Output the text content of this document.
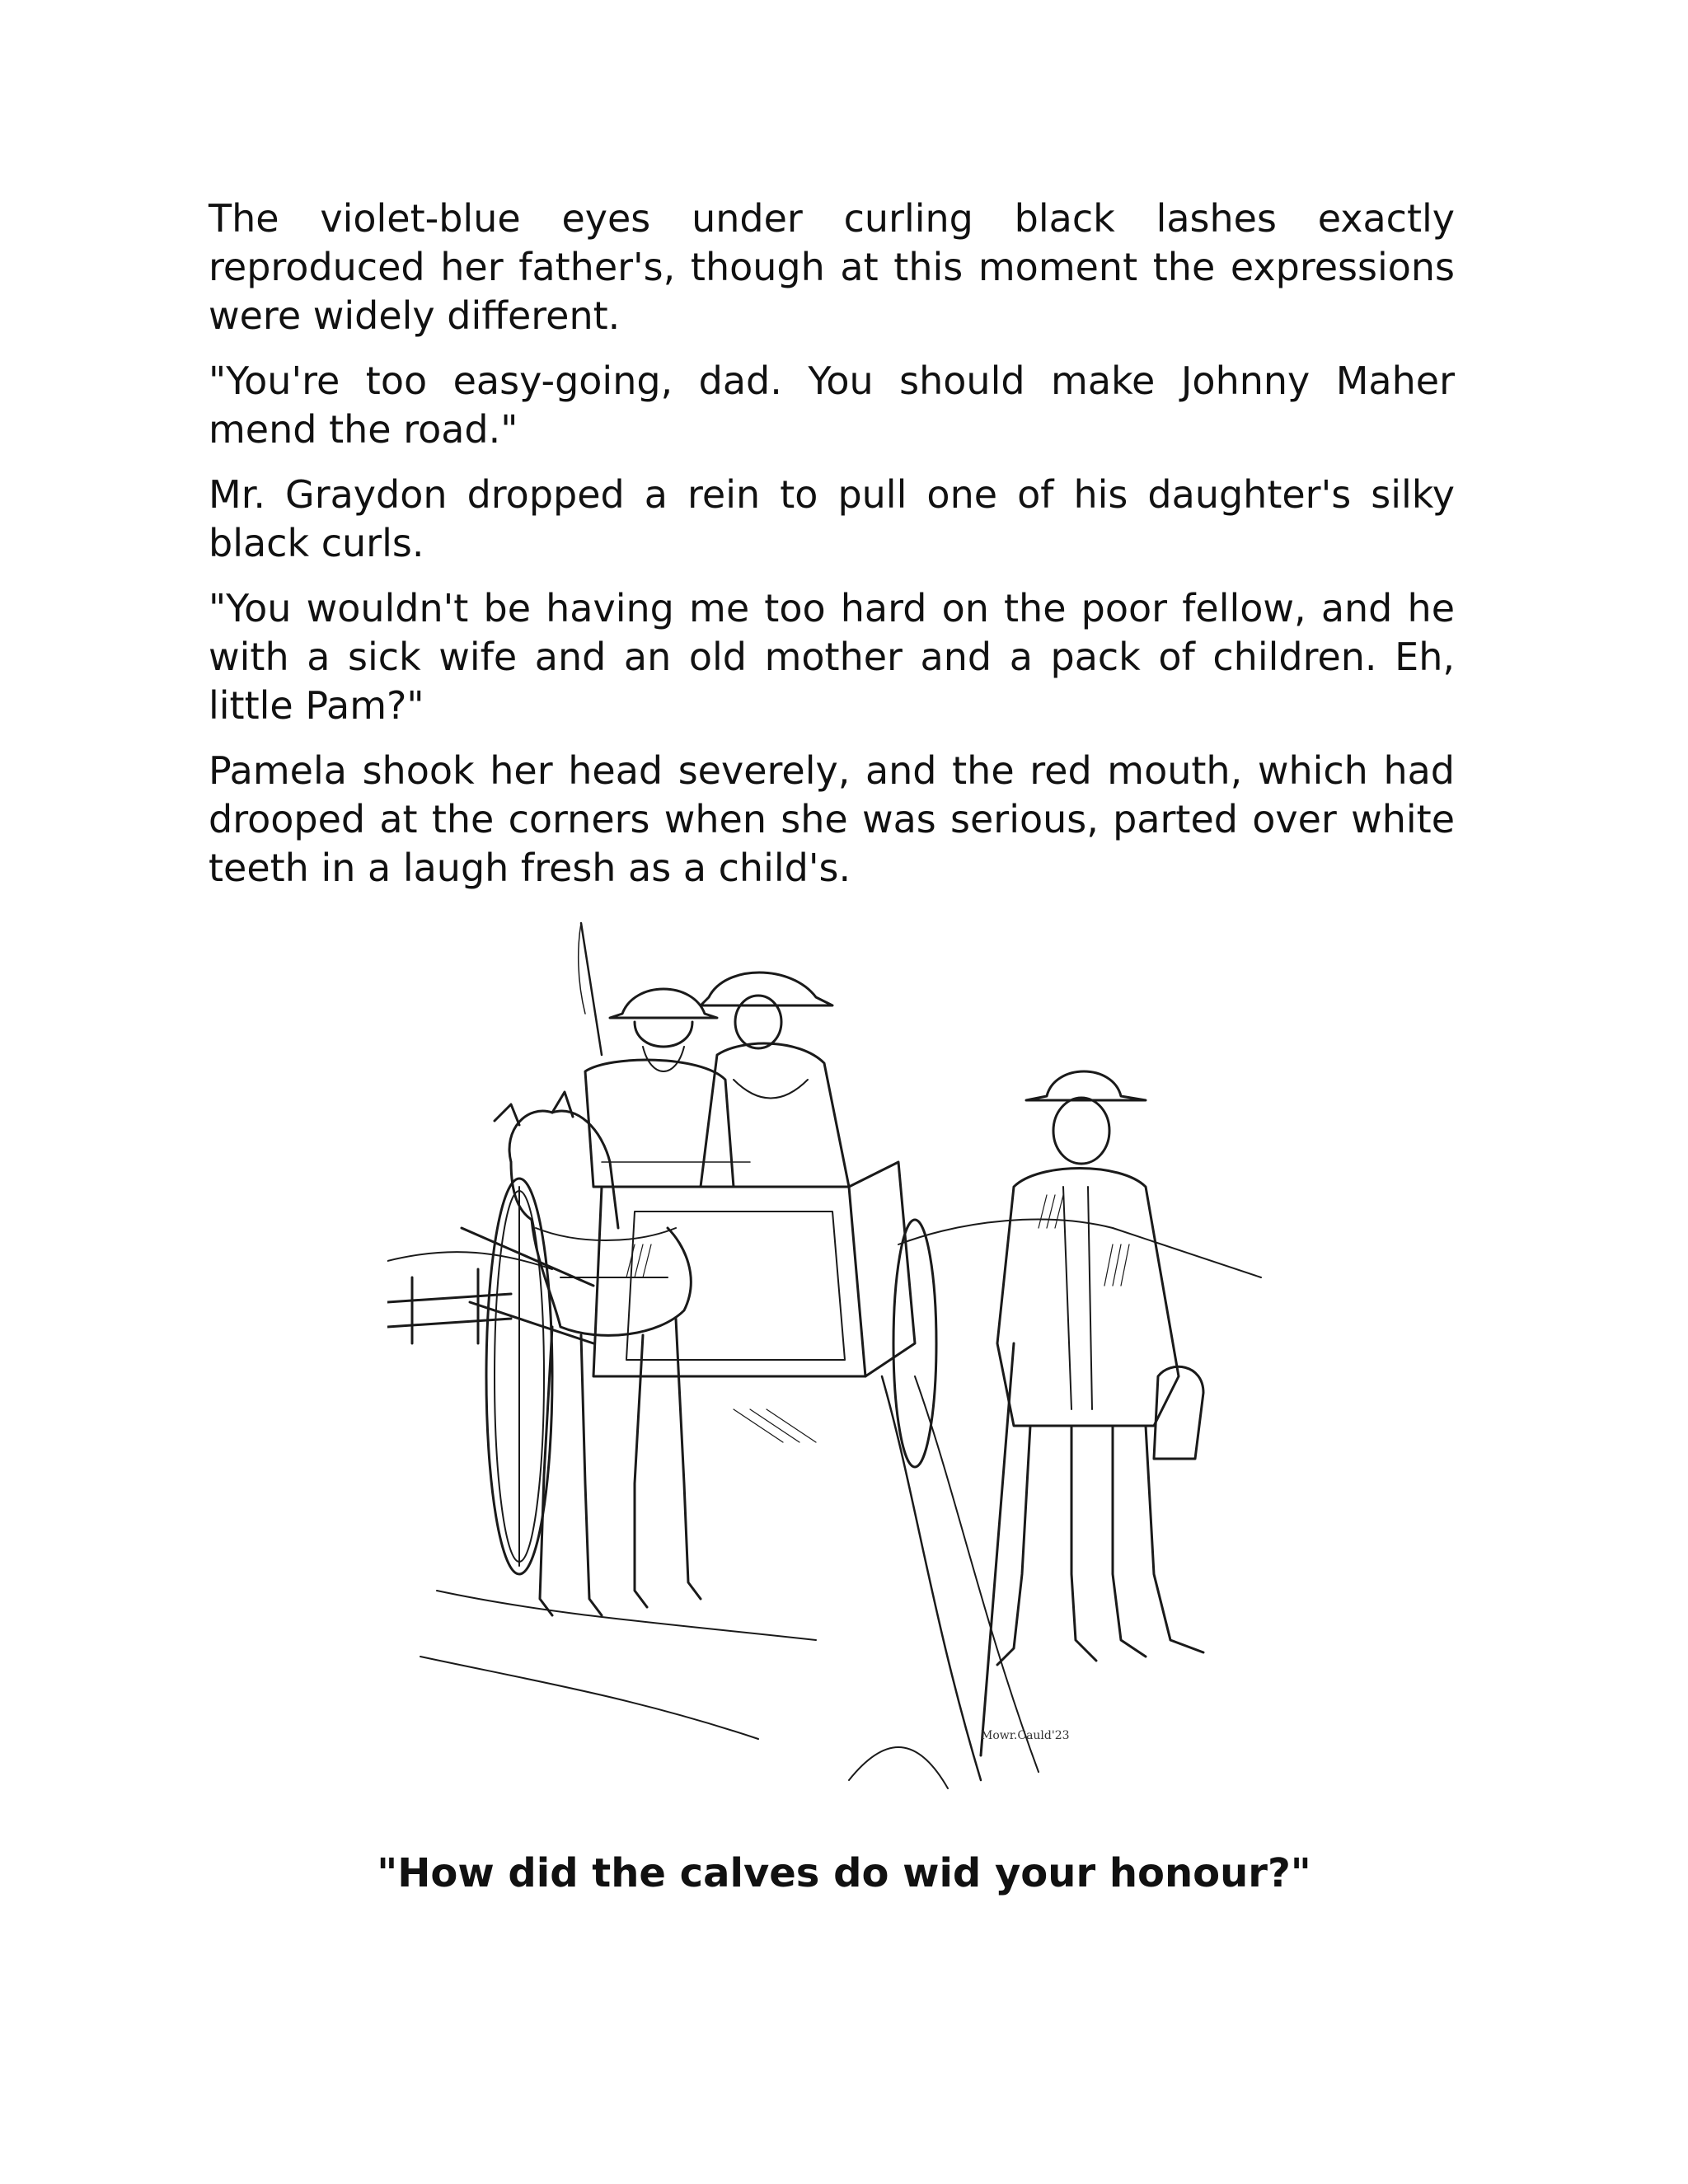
The violet-blue eyes under curling black lashes exactly reproduced her father's, though at this moment the expressions were widely different.

"You're too easy-going, dad. You should make Johnny Maher mend the road."

Mr. Graydon dropped a rein to pull one of his daughter's silky black curls.

"You wouldn't be having me too hard on the poor fellow, and he with a sick wife and an old mother and a pack of children. Eh, little Pam?"

Pamela shook her head severely, and the red mouth, which had drooped at the corners when she was serious, parted over white teeth in a laugh fresh as a child's.

Mowr.Cauld'23
"How did the calves do wid your honour?"
